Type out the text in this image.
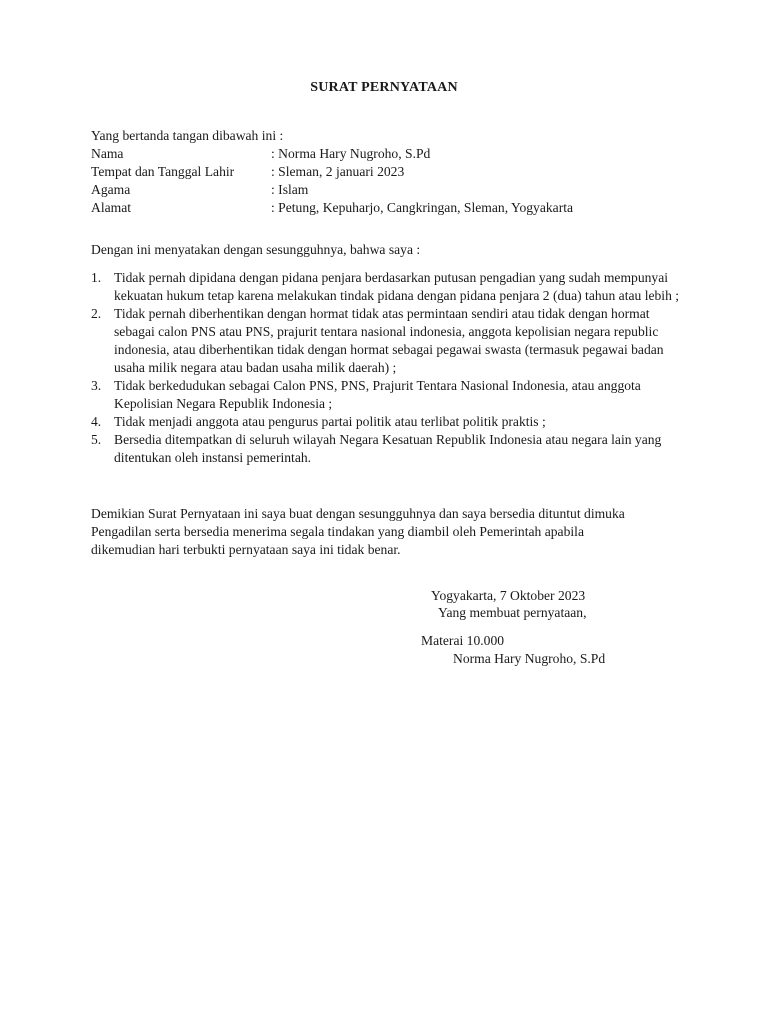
SURAT PERNYATAAN
Yang bertanda tangan dibawah ini :
Nama	: Norma Hary Nugroho, S.Pd
Tempat dan Tanggal Lahir	: Sleman, 2 januari 2023
Agama	: Islam
Alamat	: Petung, Kepuharjo, Cangkringan, Sleman, Yogyakarta
Dengan ini menyatakan dengan sesungguhnya, bahwa saya :
1. Tidak pernah dipidana dengan pidana penjara berdasarkan putusan pengadian yang sudah mempunyai kekuatan hukum tetap karena melakukan tindak pidana dengan pidana penjara 2 (dua) tahun atau lebih ;
2. Tidak pernah diberhentikan dengan hormat tidak atas permintaan sendiri atau tidak dengan hormat sebagai calon PNS atau PNS, prajurit tentara nasional indonesia, anggota kepolisian negara republic indonesia, atau diberhentikan tidak dengan hormat sebagai pegawai swasta (termasuk pegawai badan usaha milik negara atau badan usaha milik daerah) ;
3. Tidak berkedudukan sebagai Calon PNS, PNS, Prajurit Tentara Nasional Indonesia, atau anggota Kepolisian Negara Republik Indonesia ;
4. Tidak menjadi anggota atau pengurus partai politik atau terlibat politik praktis ;
5. Bersedia ditempatkan di seluruh wilayah Negara Kesatuan Republik Indonesia atau negara lain yang ditentukan oleh instansi pemerintah.
Demikian Surat Pernyataan ini saya buat dengan sesungguhnya dan saya bersedia dituntut dimuka Pengadilan serta bersedia menerima segala tindakan yang diambil oleh Pemerintah apabila dikemudian hari terbukti pernyataan saya ini tidak benar.
Yogyakarta, 7 Oktober 2023
Yang membuat pernyataan,
Materai 10.000
Norma Hary Nugroho, S.Pd
